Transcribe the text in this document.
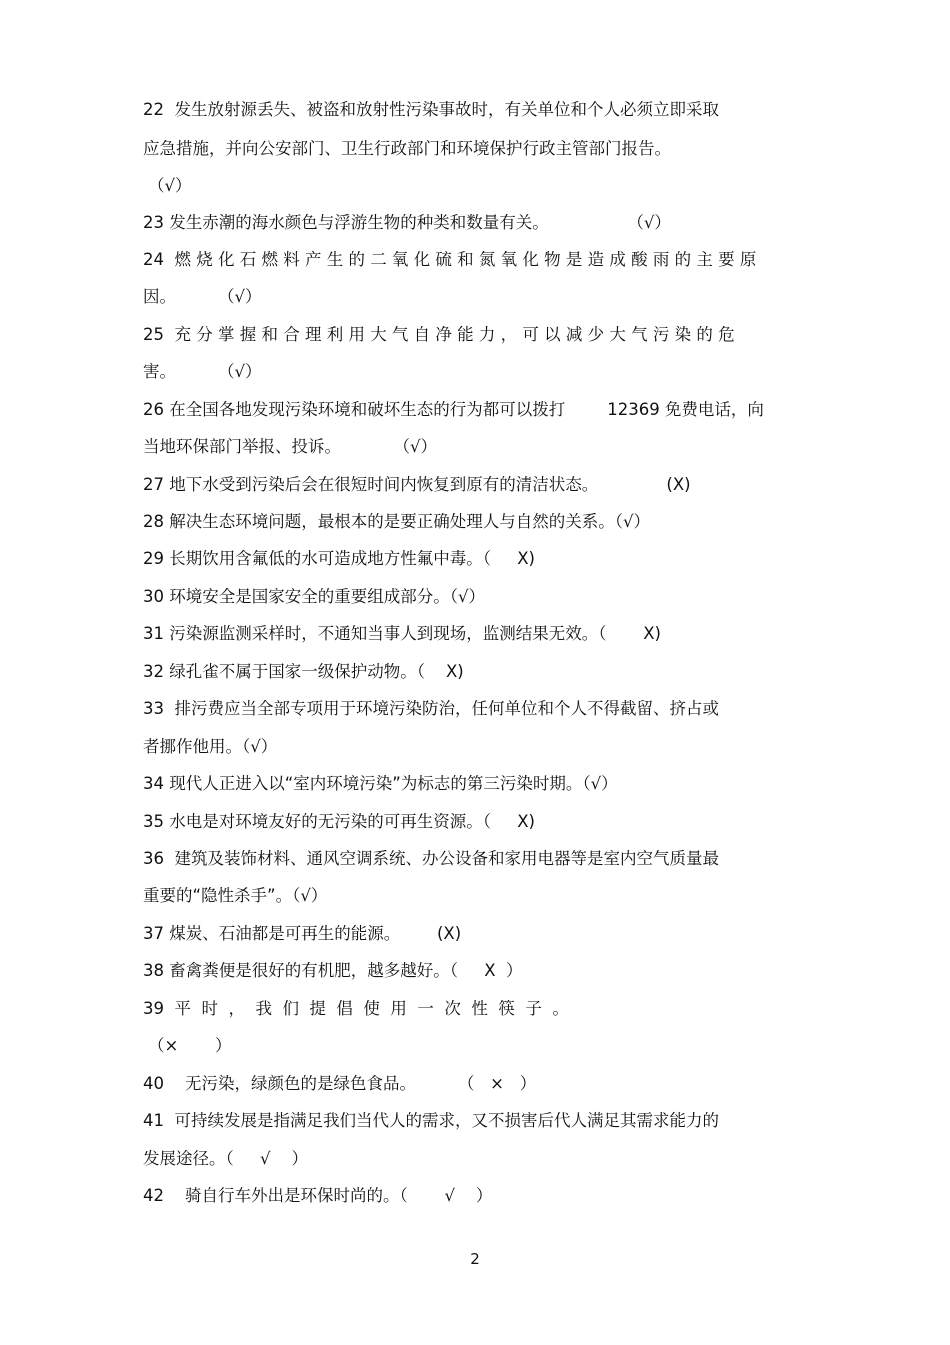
22  发生放射源丢失、被盗和放射性污染事故时，有关单位和个人必须立即采取
应急措施，并向公安部门、卫生行政部门和环境保护行政主管部门报告。
（√）
23 发生赤潮的海水颜色与浮游生物的种类和数量有关。               （√）
24  燃 烧 化 石 燃 料 产 生 的 二 氧 化 硫 和 氮 氧 化 物 是 造 成 酸 雨 的 主 要 原
因。        （√）
25  充 分 掌 握 和 合 理 利 用 大 气 自 净 能 力 ， 可 以 减 少 大 气 污 染 的 危
害。        （√）
26 在全国各地发现污染环境和破坏生态的行为都可以拨打        12369 免费电话，向
当地环保部门举报、投诉。          （√）
27 地下水受到污染后会在很短时间内恢复到原有的清洁状态。             (X)
28 解决生态环境问题，最根本的是要正确处理人与自然的关系。（√）
29 长期饮用含氟低的水可造成地方性氟中毒。（     X)
30 环境安全是国家安全的重要组成部分。（√）
31 污染源监测采样时，不通知当事人到现场，监测结果无效。（       X)
32 绿孔雀不属于国家一级保护动物。（    X)
33  排污费应当全部专项用于环境污染防治，任何单位和个人不得截留、挤占或
者挪作他用。（√）
34 现代人正进入以“室内环境污染”为标志的第三污染时期。（√）
35 水电是对环境友好的无污染的可再生资源。（     X)
36  建筑及装饰材料、通风空调系统、办公设备和家用电器等是室内空气质量最
重要的“隐性杀手”。（√）
37 煤炭、石油都是可再生的能源。       (X)
38 畜禽粪便是很好的有机肥，越多越好。（     X  ）
39  平  时  ，  我  们  提  倡  使  用  一  次  性  筷  子  。
（×       ）
40    无污染，绿颜色的是绿色食品。        （   ×   ）
41  可持续发展是指满足我们当代人的需求，又不损害后代人满足其需求能力的
发展途径。（     √    ）
42    骑自行车外出是环保时尚的。（       √    ）
2
